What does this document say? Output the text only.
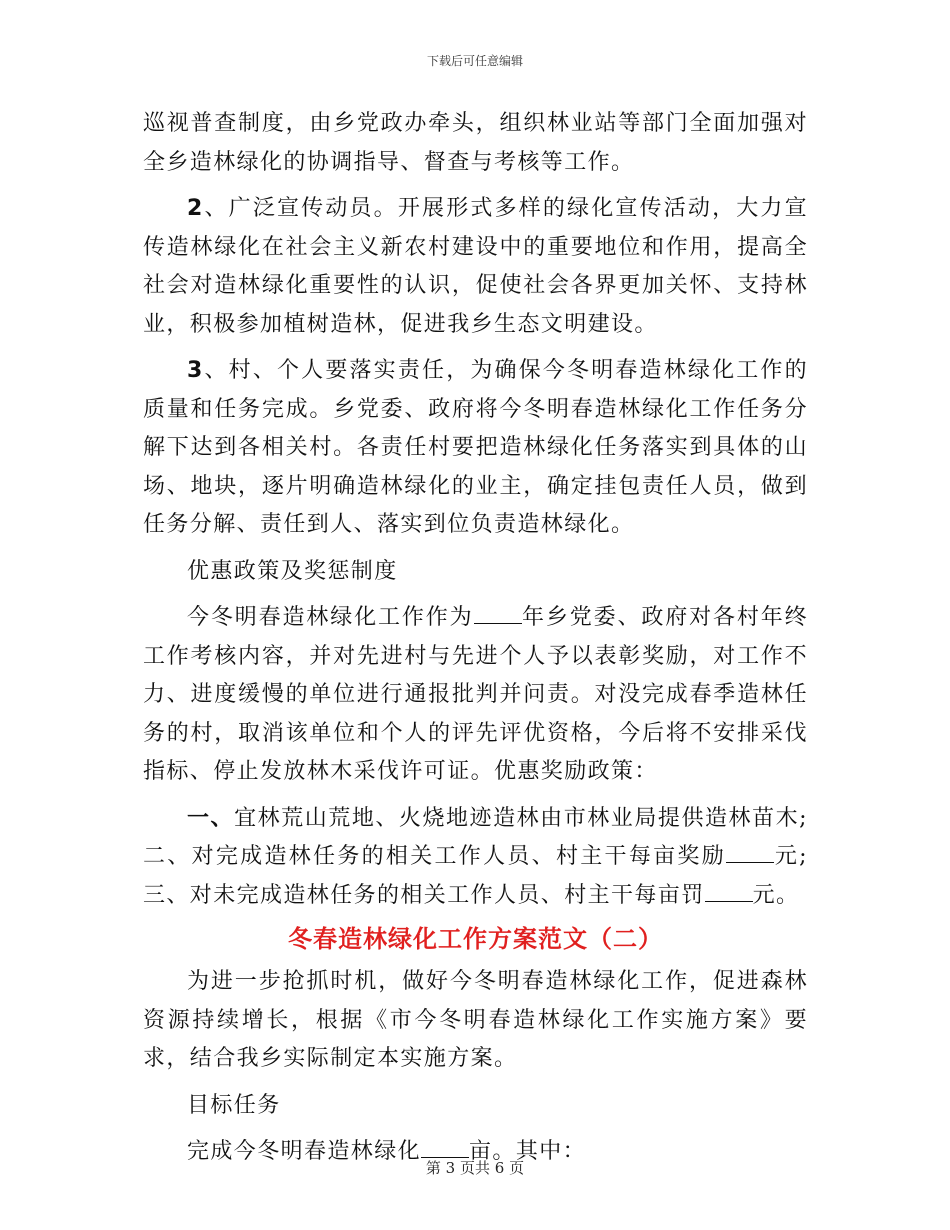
下载后可任意编辑

巡视普查制度，由乡党政办牵头，组织林业站等部门全面加强对全乡造林绿化的协调指导、督查与考核等工作。

2、广泛宣传动员。开展形式多样的绿化宣传活动，大力宣传造林绿化在社会主义新农村建设中的重要地位和作用，提高全社会对造林绿化重要性的认识，促使社会各界更加关怀、支持林业，积极参加植树造林，促进我乡生态文明建设。

3、村、个人要落实责任，为确保今冬明春造林绿化工作的质量和任务完成。乡党委、政府将今冬明春造林绿化工作任务分解下达到各相关村。各责任村要把造林绿化任务落实到具体的山场、地块，逐片明确造林绿化的业主，确定挂包责任人员，做到任务分解、责任到人、落实到位负责造林绿化。

优惠政策及奖惩制度

今冬明春造林绿化工作作为 年乡党委、政府对各村年终工作考核内容，并对先进村与先进个人予以表彰奖励，对工作不力、进度缓慢的单位进行通报批判并问责。对没完成春季造林任务的村，取消该单位和个人的评先评优资格，今后将不安排采伐指标、停止发放林木采伐许可证。优惠奖励政策：

一、宜林荒山荒地、火烧地迹造林由市林业局提供造林苗木;二、对完成造林任务的相关工作人员、村主干每亩奖励 元;三、对未完成造林任务的相关工作人员、村主干每亩罚 元。

冬春造林绿化工作方案范文（二）

为进一步抢抓时机，做好今冬明春造林绿化工作，促进森林资源持续增长，根据《市今冬明春造林绿化工作实施方案》要求，结合我乡实际制定本实施方案。

目标任务

完成今冬明春造林绿化 亩。其中：

第 3 页共 6 页
